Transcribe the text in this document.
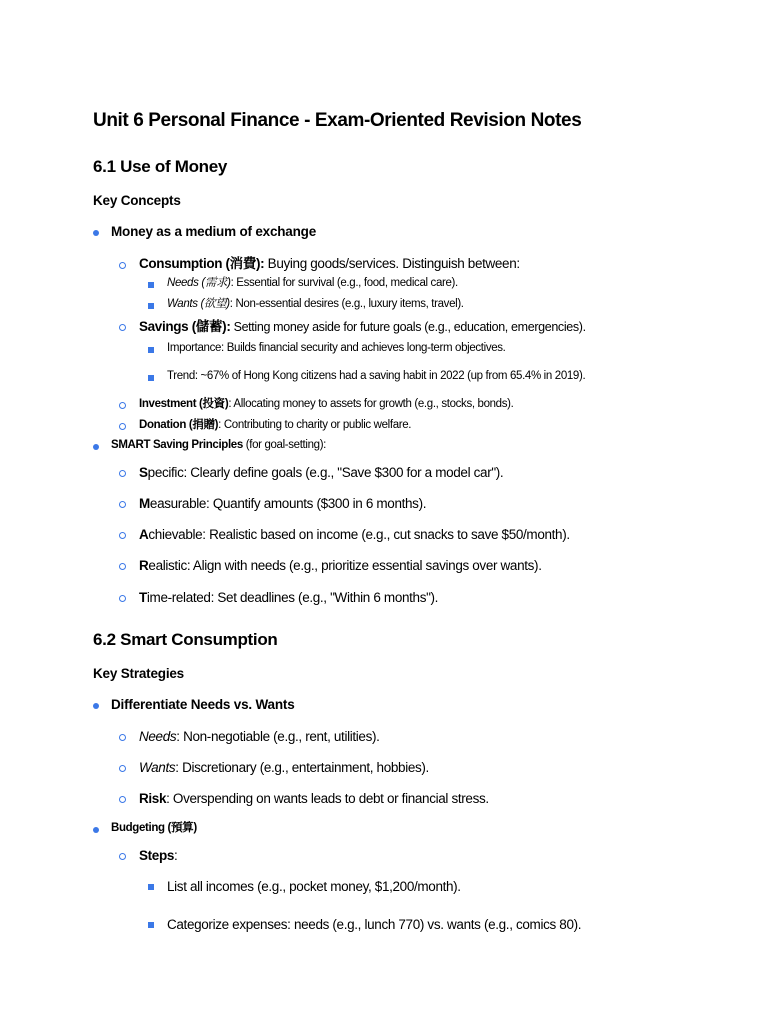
Unit 6 Personal Finance - Exam-Oriented Revision Notes
6.1 Use of Money
Key Concepts
Money as a medium of exchange
Consumption (消費): Buying goods/services. Distinguish between:
Needs (需求): Essential for survival (e.g., food, medical care).
Wants (欲望): Non-essential desires (e.g., luxury items, travel).
Savings (儲蓄): Setting money aside for future goals (e.g., education, emergencies).
Importance: Builds financial security and achieves long-term objectives.
Trend: ~67% of Hong Kong citizens had a saving habit in 2022 (up from 65.4% in 2019).
Investment (投資): Allocating money to assets for growth (e.g., stocks, bonds).
Donation (捐贈): Contributing to charity or public welfare.
SMART Saving Principles (for goal-setting):
Specific: Clearly define goals (e.g., "Save $300 for a model car").
Measurable: Quantify amounts ($300 in 6 months).
Achievable: Realistic based on income (e.g., cut snacks to save $50/month).
Realistic: Align with needs (e.g., prioritize essential savings over wants).
Time-related: Set deadlines (e.g., "Within 6 months").
6.2 Smart Consumption
Key Strategies
Differentiate Needs vs. Wants
Needs: Non-negotiable (e.g., rent, utilities).
Wants: Discretionary (e.g., entertainment, hobbies).
Risk: Overspending on wants leads to debt or financial stress.
Budgeting (預算)
Steps:
List all incomes (e.g., pocket money, $1,200/month).
Categorize expenses: needs (e.g., lunch 770) vs. wants (e.g., comics 80).
